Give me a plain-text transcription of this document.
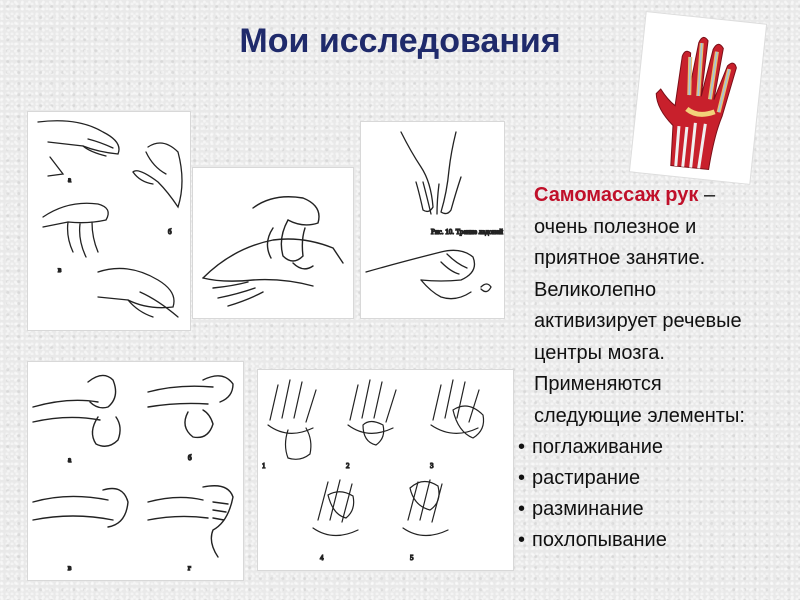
Мои исследования
а
б
в
Рис. 10. Трение ладоней
а	б
в	г
1	2	3
4	5

Самомассаж рук –

очень полезное и

приятное занятие.

Великолепно

активизирует речевые

центры мозга.

Применяются

следующие элементы:

• поглаживание
• растирание
• разминание
• похлопывание
